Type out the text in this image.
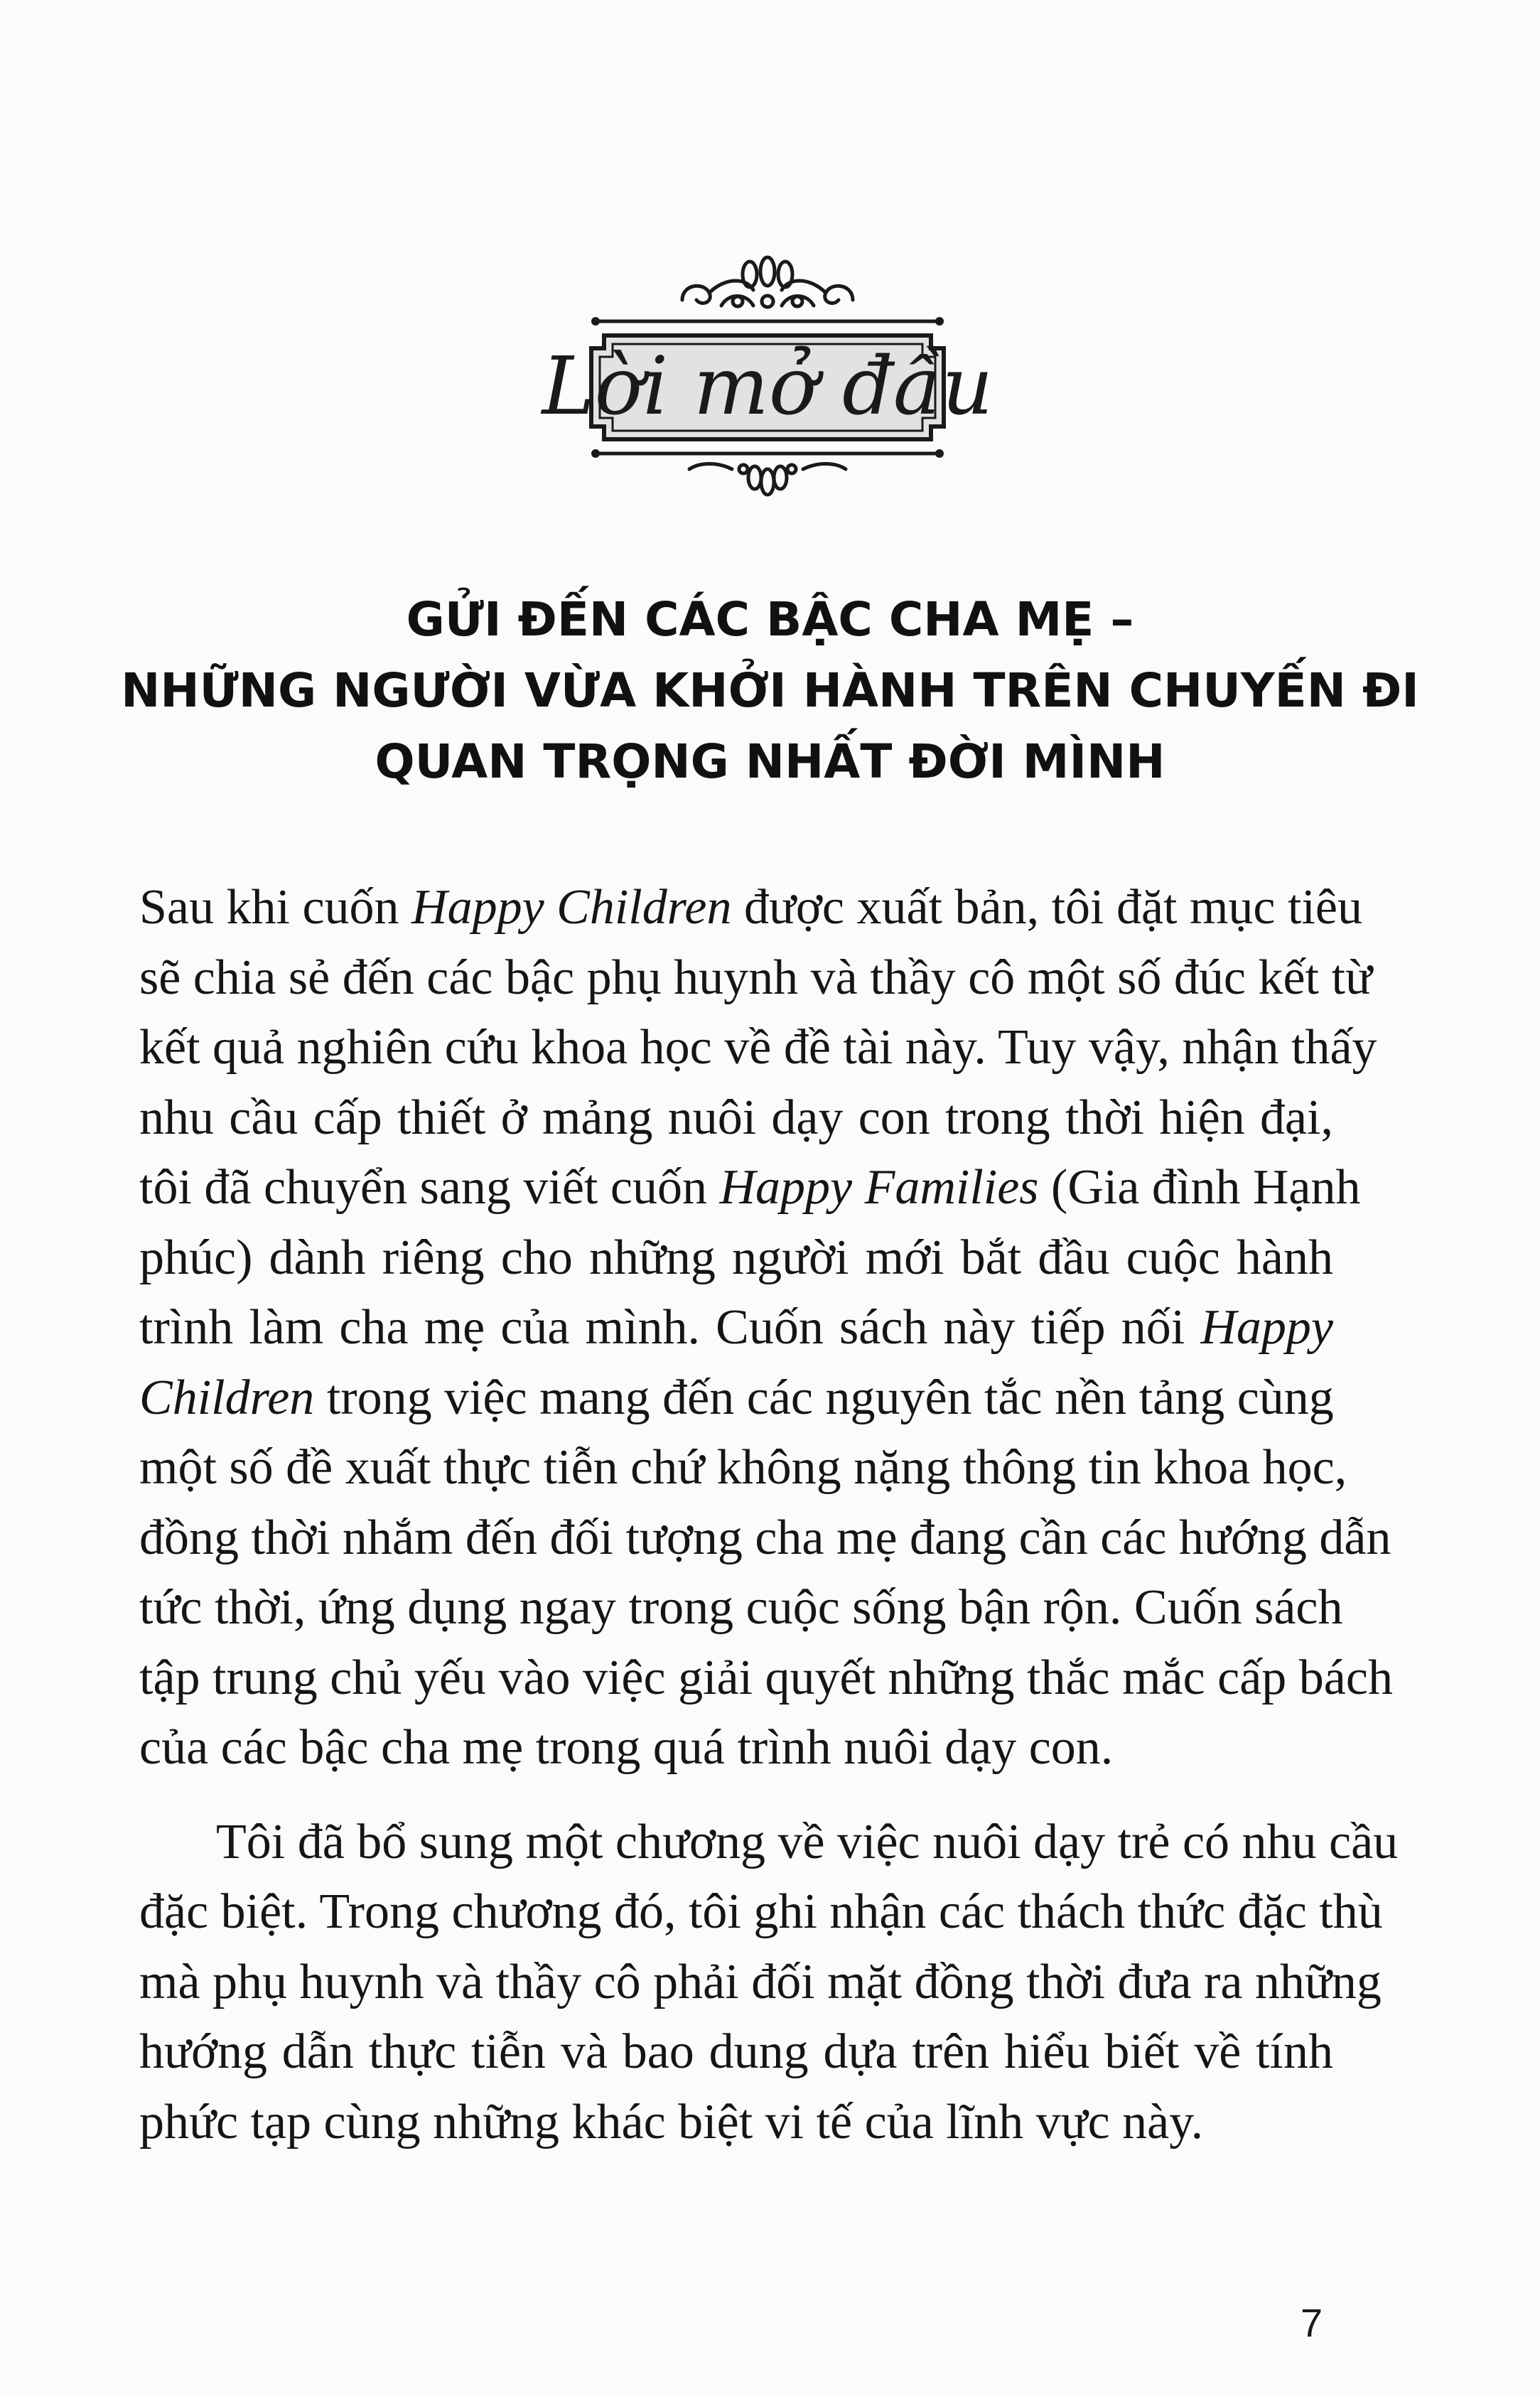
Lời mở đầu
GỬI ĐẾN CÁC BẬC CHA MẸ –
NHỮNG NGƯỜI VỪA KHỞI HÀNH TRÊN CHUYẾN ĐI
QUAN TRỌNG NHẤT ĐỜI MÌNH

Sau khi cuốn Happy Children được xuất bản, tôi đặt mục tiêu
sẽ chia sẻ đến các bậc phụ huynh và thầy cô một số đúc kết từ
kết quả nghiên cứu khoa học về đề tài này. Tuy vậy, nhận thấy
nhu cầu cấp thiết ở mảng nuôi dạy con trong thời hiện đại,
tôi đã chuyển sang viết cuốn Happy Families (Gia đình Hạnh
phúc) dành riêng cho những người mới bắt đầu cuộc hành
trình làm cha mẹ của mình. Cuốn sách này tiếp nối Happy
Children trong việc mang đến các nguyên tắc nền tảng cùng
một số đề xuất thực tiễn chứ không nặng thông tin khoa học,
đồng thời nhắm đến đối tượng cha mẹ đang cần các hướng dẫn
tức thời, ứng dụng ngay trong cuộc sống bận rộn. Cuốn sách
tập trung chủ yếu vào việc giải quyết những thắc mắc cấp bách
của các bậc cha mẹ trong quá trình nuôi dạy con.

Tôi đã bổ sung một chương về việc nuôi dạy trẻ có nhu cầu
đặc biệt. Trong chương đó, tôi ghi nhận các thách thức đặc thù
mà phụ huynh và thầy cô phải đối mặt đồng thời đưa ra những
hướng dẫn thực tiễn và bao dung dựa trên hiểu biết về tính
phức tạp cùng những khác biệt vi tế của lĩnh vực này.

7
